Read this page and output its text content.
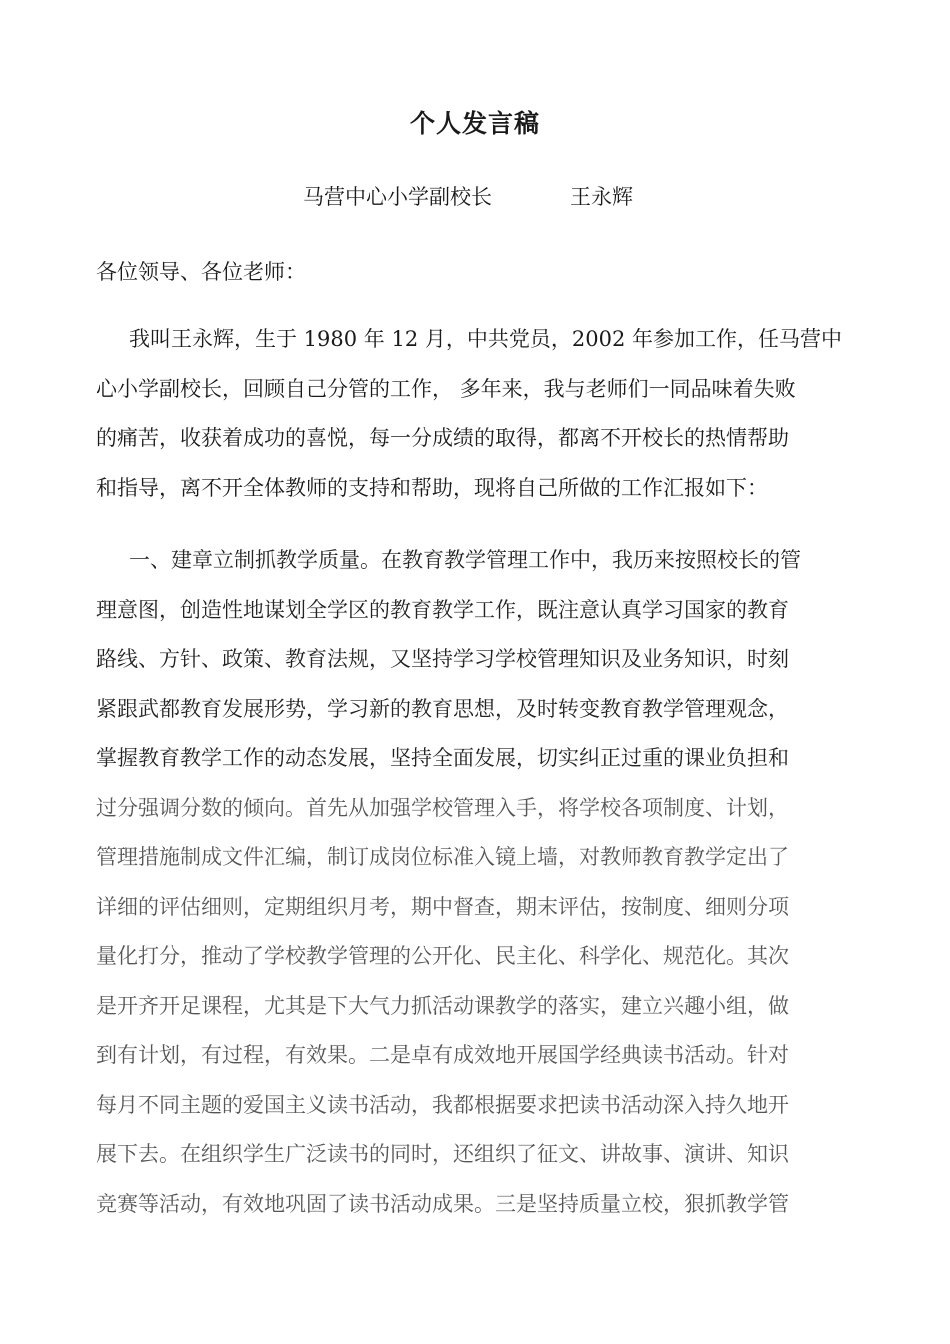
个人发言稿
马营中心小学副校长	王永辉
各位领导、各位老师：
我叫王永辉，生于 1980 年 12 月，中共党员，2002 年参加工作，任马营中
心小学副校长，回顾自己分管的工作， 多年来，我与老师们一同品味着失败
的痛苦，收获着成功的喜悦，每一分成绩的取得，都离不开校长的热情帮助
和指导，离不开全体教师的支持和帮助，现将自己所做的工作汇报如下：
一、建章立制抓教学质量。在教育教学管理工作中，我历来按照校长的管
理意图，创造性地谋划全学区的教育教学工作，既注意认真学习国家的教育
路线、方针、政策、教育法规，又坚持学习学校管理知识及业务知识，时刻
紧跟武都教育发展形势，学习新的教育思想，及时转变教育教学管理观念，
掌握教育教学工作的动态发展，坚持全面发展，切实纠正过重的课业负担和
过分强调分数的倾向。首先从加强学校管理入手，将学校各项制度、计划，
管理措施制成文件汇编，制订成岗位标准入镜上墙，对教师教育教学定出了
详细的评估细则，定期组织月考，期中督查，期末评估，按制度、细则分项
量化打分，推动了学校教学管理的公开化、民主化、科学化、规范化。其次
是开齐开足课程，尤其是下大气力抓活动课教学的落实，建立兴趣小组，做
到有计划，有过程，有效果。二是卓有成效地开展国学经典读书活动。针对
每月不同主题的爱国主义读书活动，我都根据要求把读书活动深入持久地开
展下去。在组织学生广泛读书的同时，还组织了征文、讲故事、演讲、知识
竞赛等活动，有效地巩固了读书活动成果。三是坚持质量立校，狠抓教学管
